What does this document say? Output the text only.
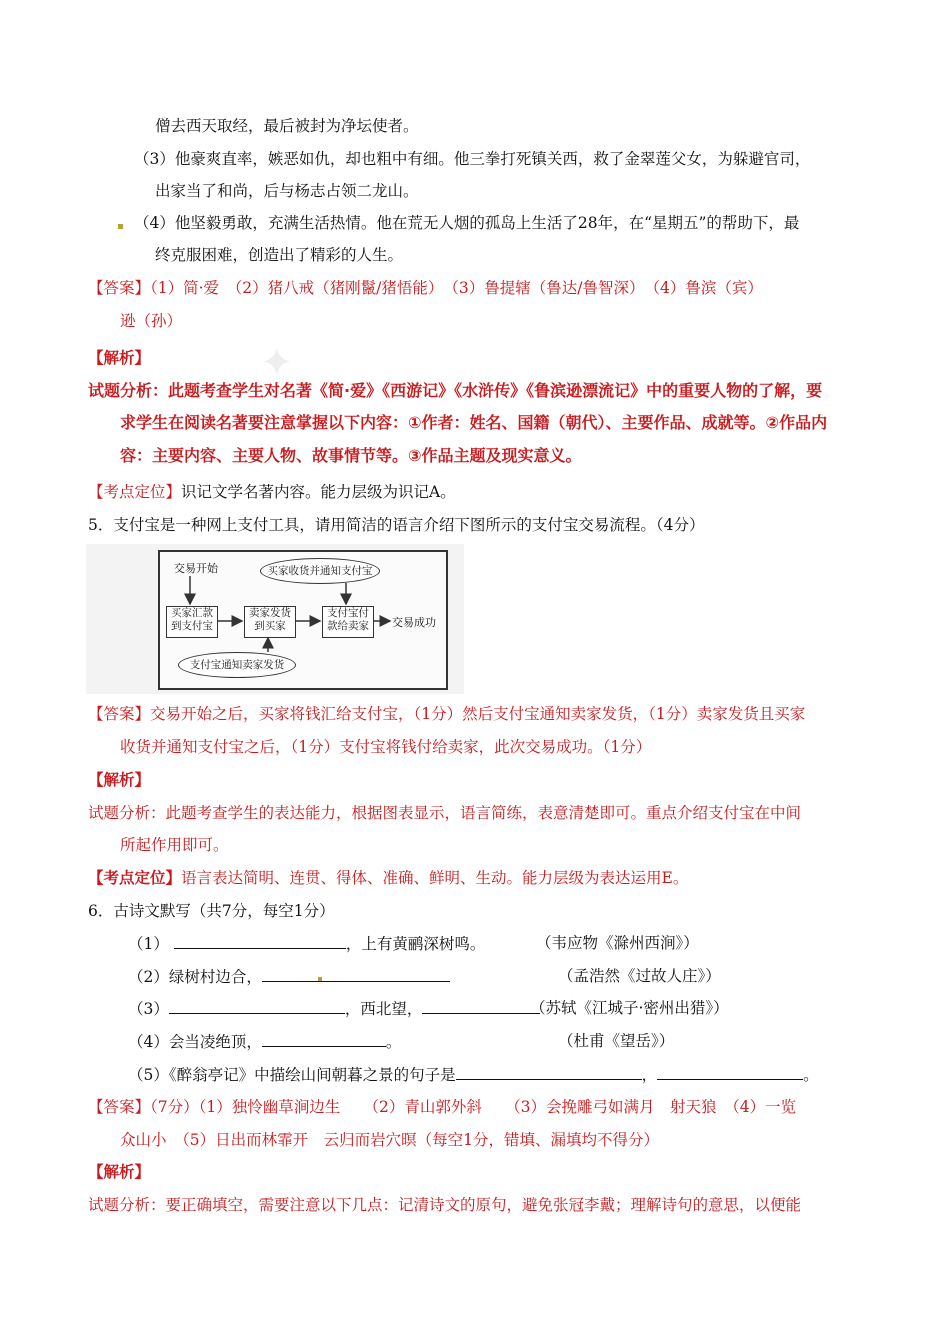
僧去西天取经，最后被封为净坛使者。
（3）他豪爽直率，嫉恶如仇，却也粗中有细。他三拳打死镇关西，救了金翠莲父女，为躲避官司，
出家当了和尚，后与杨志占领二龙山。
（4）他坚毅勇敢，充满生活热情。他在荒无人烟的孤岛上生活了28年，在“星期五”的帮助下，最
终克服困难，创造出了精彩的人生。
【答案】（1）简·爱　（2）猪八戒（猪刚鬣/猪悟能）　（3）鲁提辖（鲁达/鲁智深）　（4）鲁滨（宾）
逊（孙）
✦
【解析】
试题分析：此题考查学生对名著《简·爱》《西游记》《水浒传》《鲁滨逊漂流记》中的重要人物的了解，要
求学生在阅读名著要注意掌握以下内容：①作者：姓名、国籍（朝代）、主要作品、成就等。②作品内
容：主要内容、主要人物、故事情节等。③作品主题及现实意义。
【考点定位】识记文学名著内容。能力层级为识记A。
5．支付宝是一种网上支付工具，请用简洁的语言介绍下图所示的支付宝交易流程。（4分）
交易开始	买家收货并通知支付宝
买家汇款到支付宝
卖家发货到买家
支付宝付款给卖家	交易成功
支付宝通知卖家发货
【答案】交易开始之后，买家将钱汇给支付宝，（1分）然后支付宝通知卖家发货，（1分）卖家发货且买家
收货并通知支付宝之后，（1分）支付宝将钱付给卖家，此次交易成功。（1分）
【解析】
试题分析：此题考查学生的表达能力，根据图表显示，语言简练，表意清楚即可。重点介绍支付宝在中间
所起作用即可。
【考点定位】语言表达简明、连贯、得体、准确、鲜明、生动。能力层级为表达运用E。
6．古诗文默写（共7分，每空1分）
（1）	，上有黄鹂深树鸣。	（韦应物《滁州西涧》）
（2）绿树村边合，	（孟浩然《过故人庄》）
（3）	，西北望，	（苏轼《江城子·密州出猎》）
（4）会当凌绝顶，	。	（杜甫《望岳》）
（5）《醉翁亭记》中描绘山间朝暮之景的句子是	，	。
【答案】（7分）（1）独怜幽草涧边生　　（2）青山郭外斜　　（3）会挽雕弓如满月　射天狼　（4）一览
众山小　（5）日出而林霏开　云归而岩穴暝（每空1分，错填、漏填均不得分）
【解析】
试题分析：要正确填空，需要注意以下几点：记清诗文的原句，避免张冠李戴；理解诗句的意思，以便能
